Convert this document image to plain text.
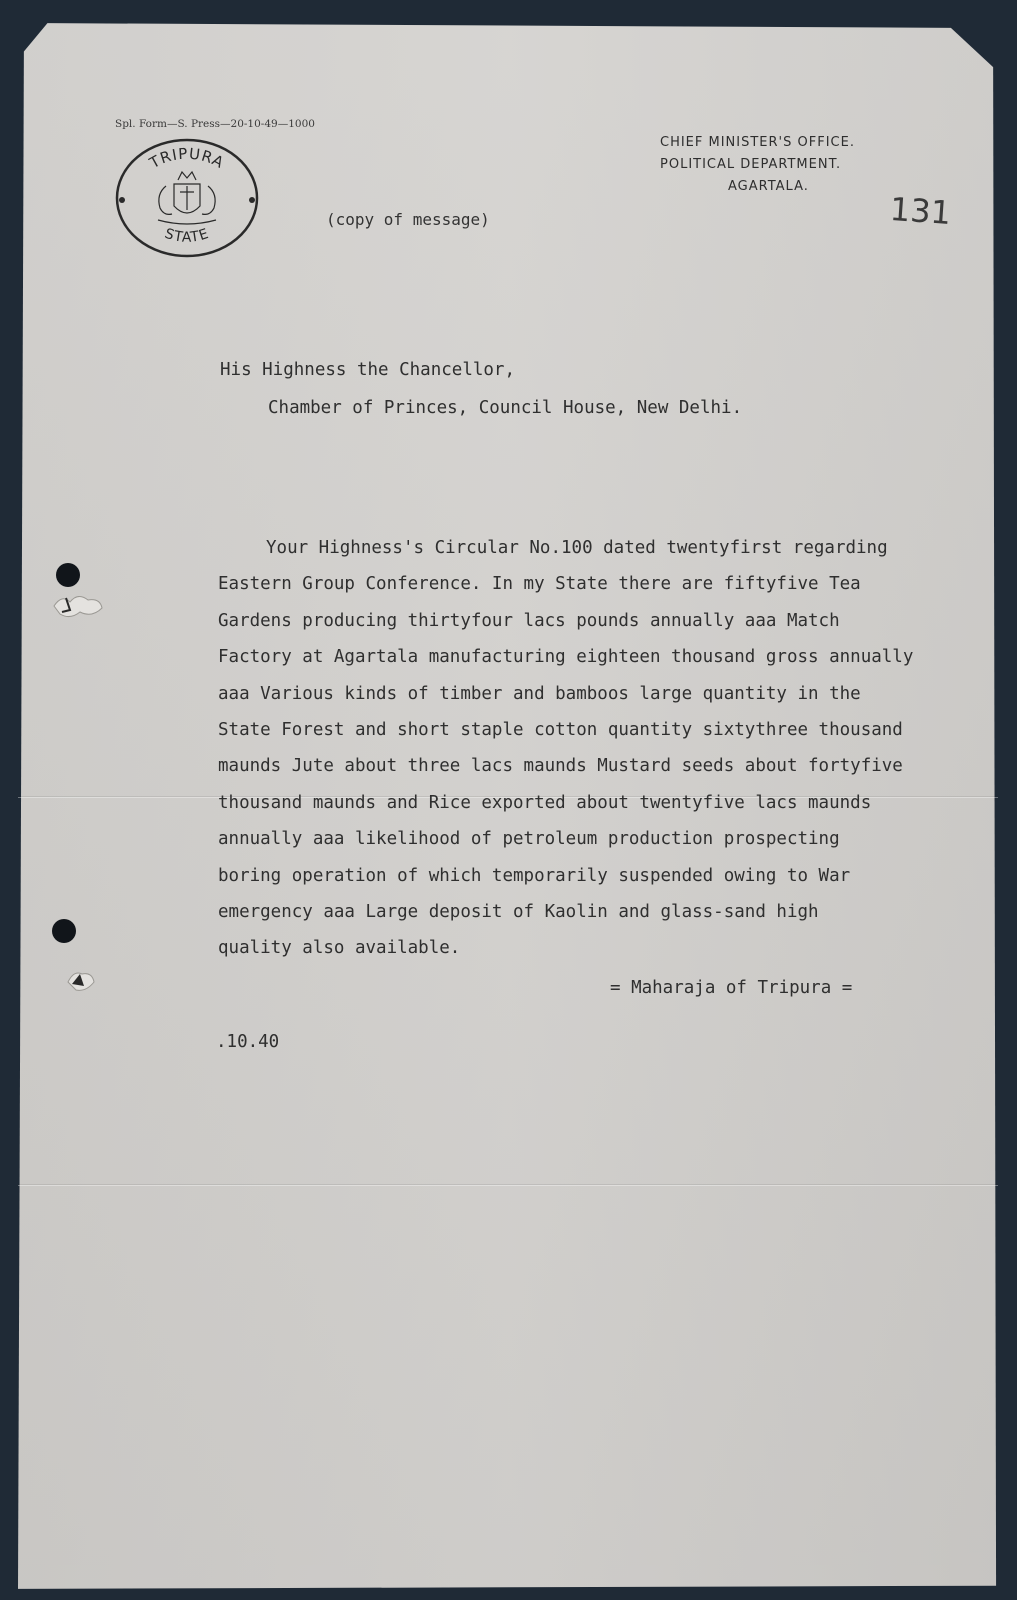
Spl. Form—S. Press—20-10-49—1000
TRIPURA
STATE
CHIEF MINISTER'S OFFICE.
POLITICAL DEPARTMENT.
AGARTALA.
131
(copy of message)
His Highness the Chancellor,
Chamber of Princes, Council House, New Delhi.
Your Highness's Circular No.100 dated twentyfirst regarding
Eastern Group Conference. In my State there are fiftyfive Tea
Gardens producing thirtyfour lacs pounds annually aaa Match
Factory at Agartala manufacturing eighteen thousand gross annually
aaa Various kinds of timber and bamboos large quantity in the
State Forest and short staple cotton quantity sixtythree thousand
maunds Jute about three lacs maunds Mustard seeds about fortyfive
thousand maunds and Rice exported about twentyfive lacs maunds
annually aaa likelihood of petroleum production prospecting
boring operation of which temporarily suspended owing to War
emergency aaa Large deposit of Kaolin and glass-sand high
quality also available.
= Maharaja of Tripura =
.10.40
